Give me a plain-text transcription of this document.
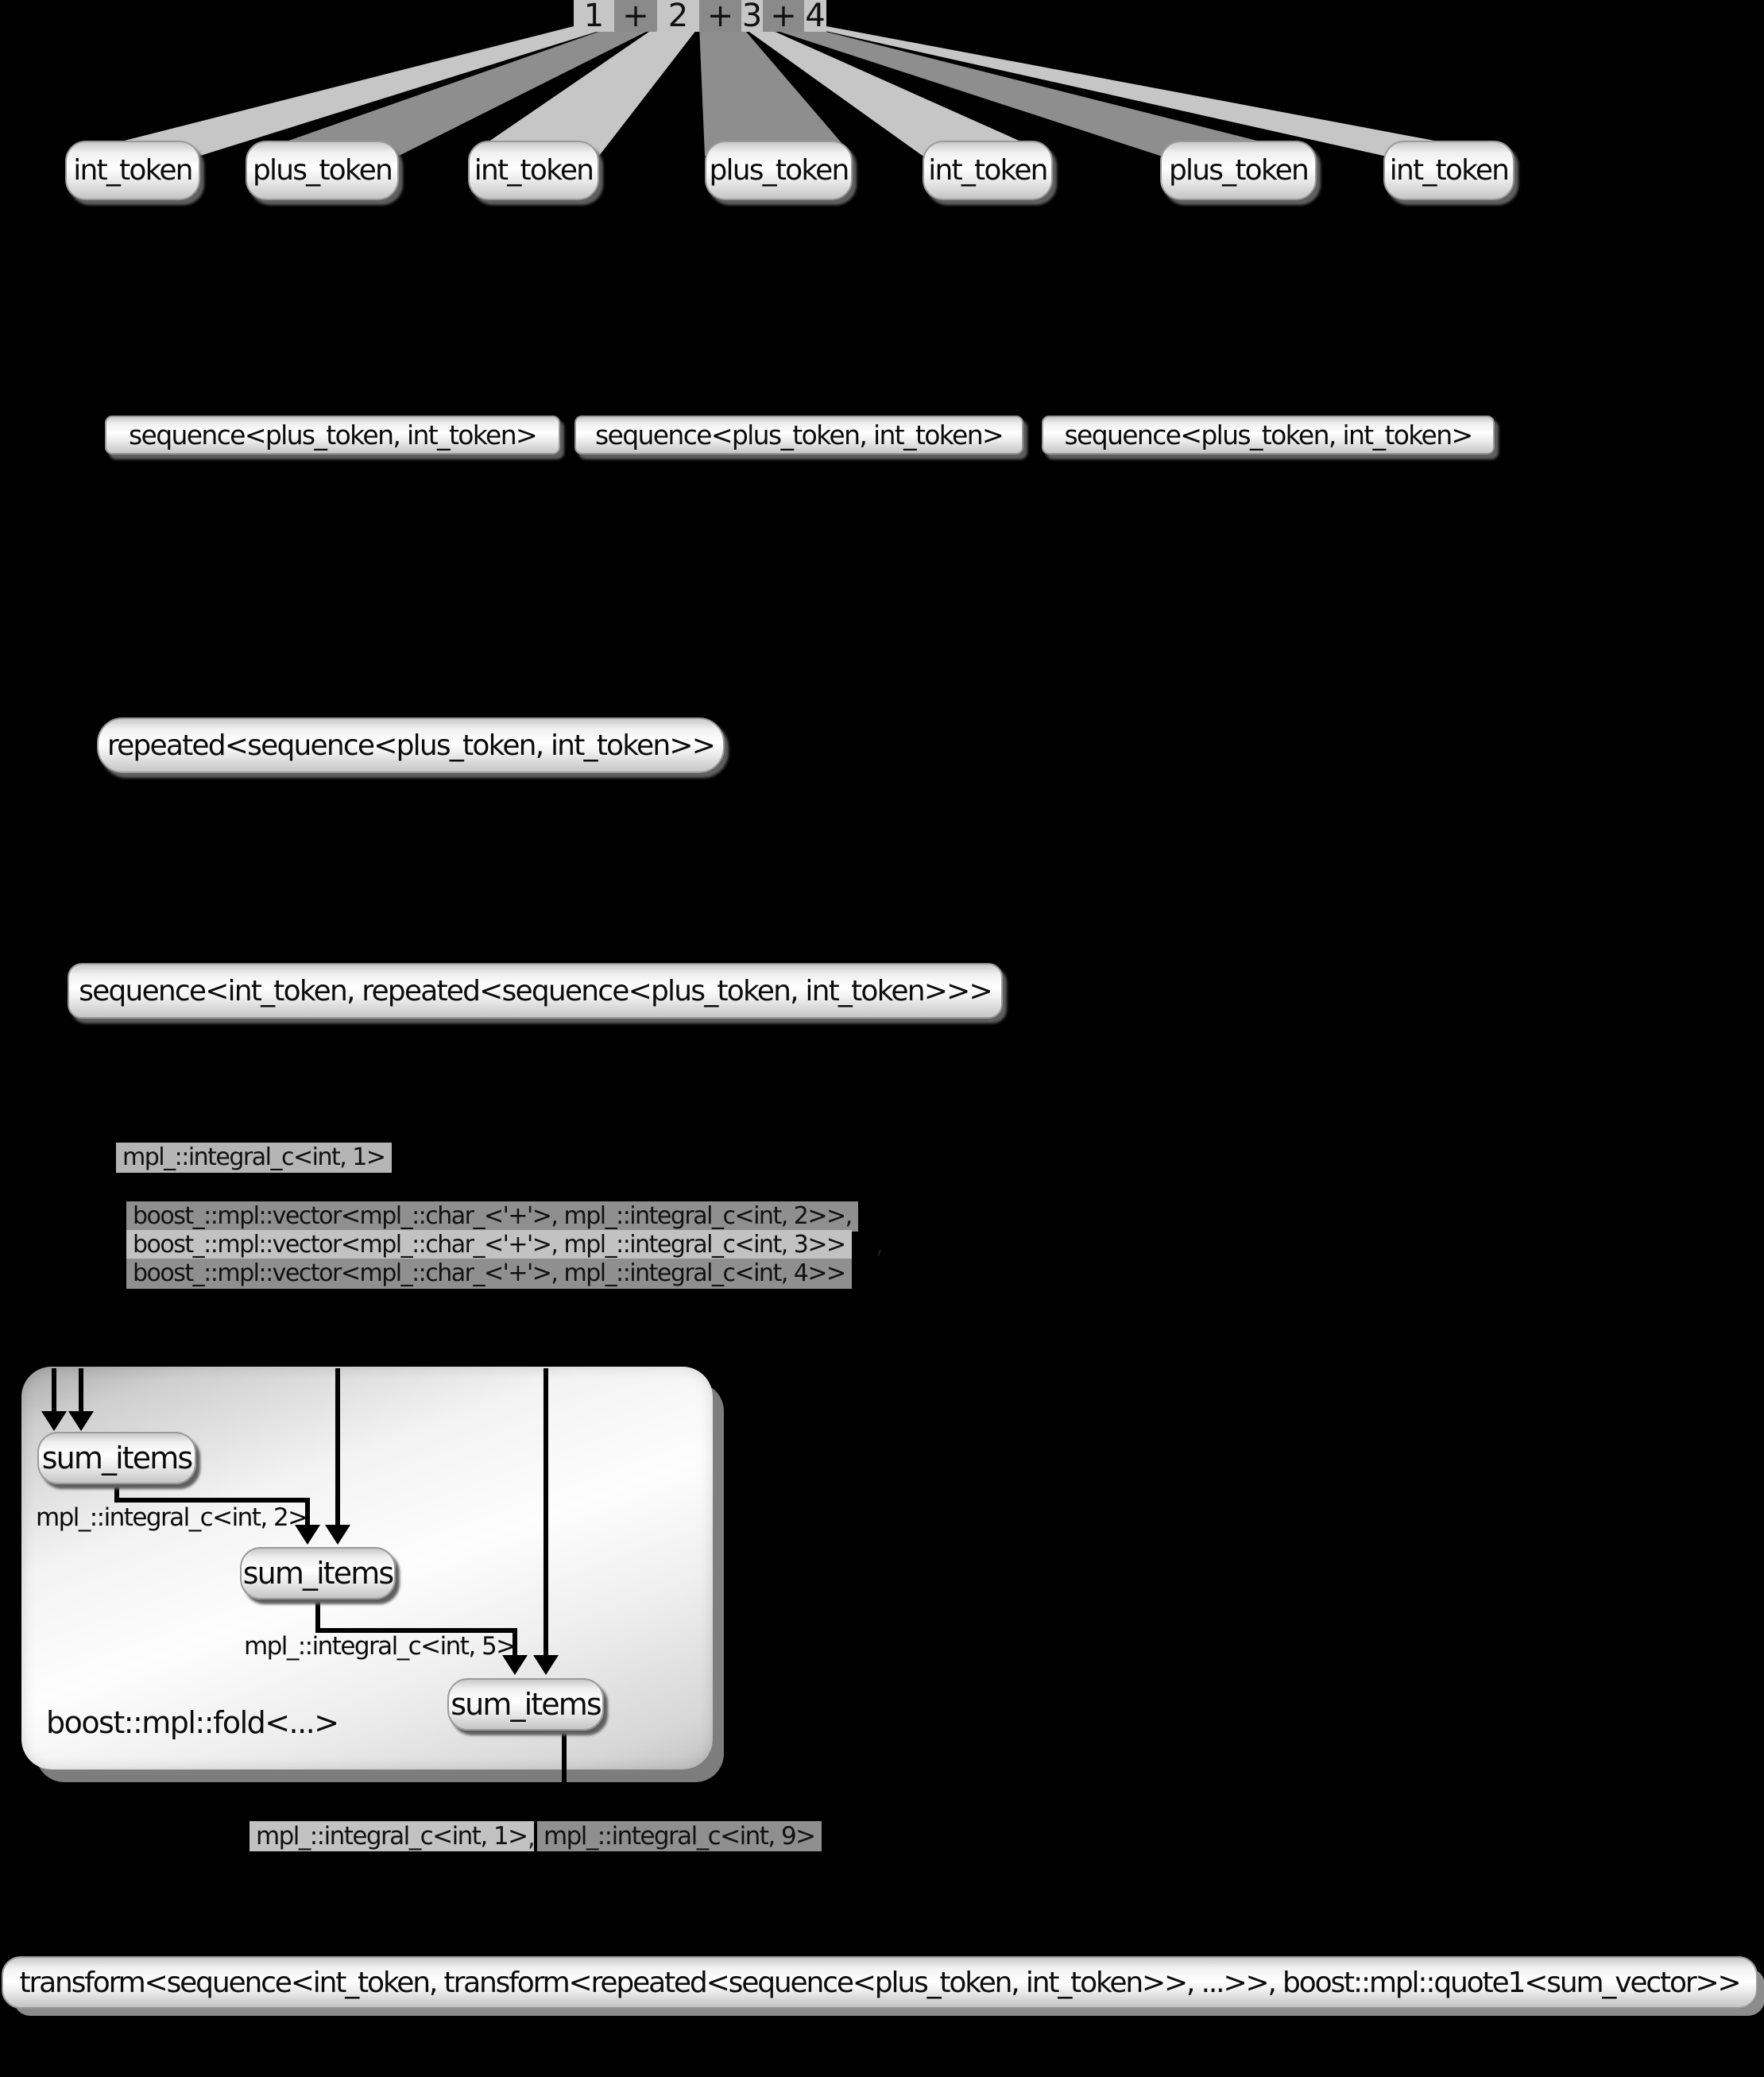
1 + 2 + 3 + 4
int_token plus_token	int_token	plus_token	int_token	plus_token	int_token
sequence<plus_token, int_token> sequence<plus_token, int_token> sequence<plus_token, int_token>
repeated<sequence<plus_token, int_token>>
sequence<int_token, repeated<sequence<plus_token, int_token>>>
mpl_::integral_c<int, 1>
boost_::mpl::vector<mpl_::char_<'+'>, mpl_::integral_c<int, 2>>,
boost_::mpl::vector<mpl_::char_<'+'>, mpl_::integral_c<int, 3>> ,
boost_::mpl::vector<mpl_::char_<'+'>, mpl_::integral_c<int, 4>>
boost::mpl::fold<...>
sum_items
sum_items
sum_items
mpl_::integral_c<int, 2>
mpl_::integral_c<int, 5>
mpl_::integral_c<int, 1> , mpl_::integral_c<int, 9>
transform<sequence<int_token, transform<repeated<sequence<plus_token, int_token>>, ...>>, boost::mpl::quote1<sum_vector>>
